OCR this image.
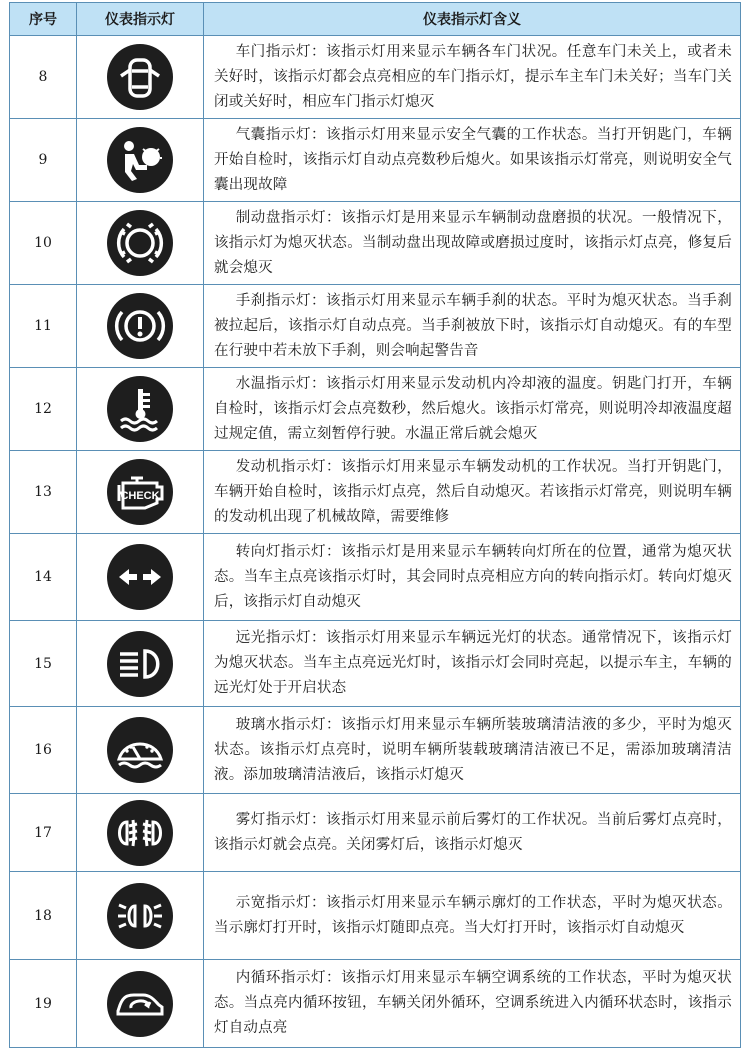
序号	仪表指示灯	仪表指示灯含义
8		车门指示灯：该指示灯用来显示车辆各车门状况。任意车门未关上，或者未关好时，该指示灯都会点亮相应的车门指示灯，提示车主车门未关好；当车门关闭或关好时，相应车门指示灯熄灭
9		气囊指示灯：该指示灯用来显示安全气囊的工作状态。当打开钥匙门，车辆开始自检时，该指示灯自动点亮数秒后熄火。如果该指示灯常亮，则说明安全气囊出现故障
10		制动盘指示灯：该指示灯是用来显示车辆制动盘磨损的状况。一般情况下，该指示灯为熄灭状态。当制动盘出现故障或磨损过度时，该指示灯点亮，修复后就会熄灭
11		手刹指示灯：该指示灯用来显示车辆手刹的状态。平时为熄灭状态。当手刹被拉起后，该指示灯自动点亮。当手刹被放下时，该指示灯自动熄灭。有的车型在行驶中若未放下手刹，则会响起警告音
12		水温指示灯：该指示灯用来显示发动机内冷却液的温度。钥匙门打开，车辆自检时，该指示灯会点亮数秒，然后熄火。该指示灯常亮，则说明冷却液温度超过规定值，需立刻暂停行驶。水温正常后就会熄灭
13	CHECK	发动机指示灯：该指示灯用来显示车辆发动机的工作状况。当打开钥匙门，车辆开始自检时，该指示灯点亮，然后自动熄灭。若该指示灯常亮，则说明车辆的发动机出现了机械故障，需要维修
14		转向灯指示灯：该指示灯是用来显示车辆转向灯所在的位置，通常为熄灭状态。当车主点亮该指示灯时，其会同时点亮相应方向的转向指示灯。转向灯熄灭后，该指示灯自动熄灭
15		远光指示灯：该指示灯用来显示车辆远光灯的状态。通常情况下，该指示灯为熄灭状态。当车主点亮远光灯时，该指示灯会同时亮起，以提示车主，车辆的远光灯处于开启状态
16		玻璃水指示灯：该指示灯用来显示车辆所装玻璃清洁液的多少，平时为熄灭状态。该指示灯点亮时，说明车辆所装载玻璃清洁液已不足，需添加玻璃清洁液。添加玻璃清洁液后，该指示灯熄灭
17		雾灯指示灯：该指示灯用来显示前后雾灯的工作状况。当前后雾灯点亮时，该指示灯就会点亮。关闭雾灯后，该指示灯熄灭
18		示宽指示灯：该指示灯用来显示车辆示廓灯的工作状态，平时为熄灭状态。当示廓灯打开时，该指示灯随即点亮。当大灯打开时，该指示灯自动熄灭
19		内循环指示灯：该指示灯用来显示车辆空调系统的工作状态，平时为熄灭状态。当点亮内循环按钮，车辆关闭外循环，空调系统进入内循环状态时，该指示灯自动点亮
